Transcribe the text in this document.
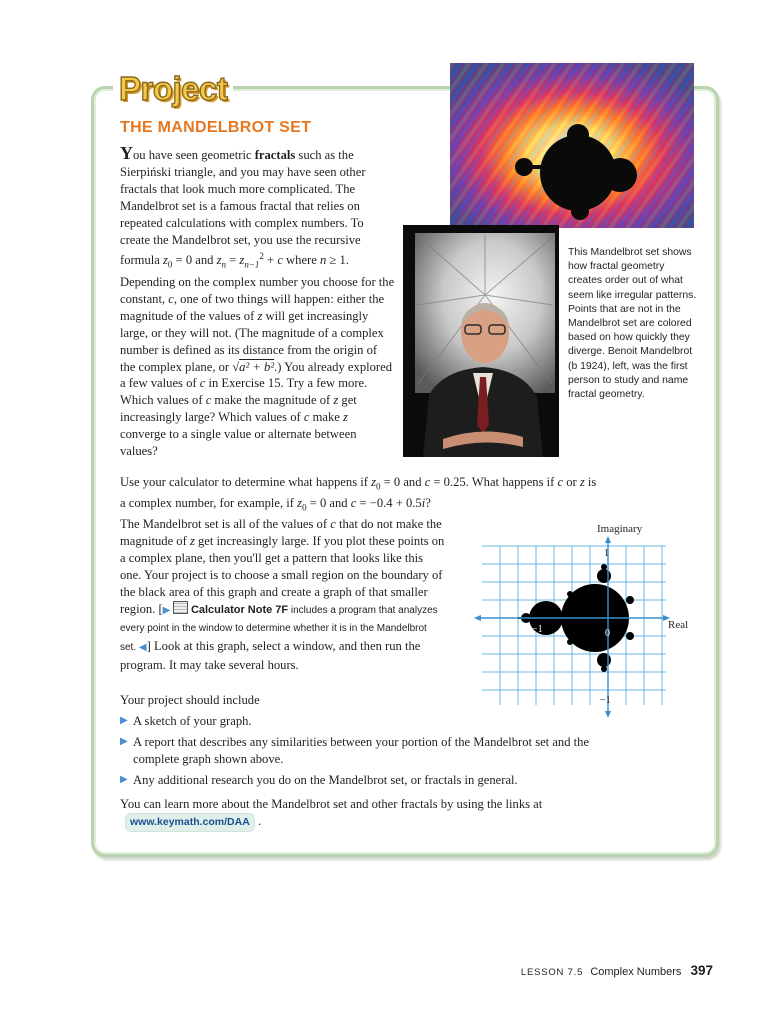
Project
THE MANDELBROT SET
This Mandelbrot set shows how fractal geometry creates order out of what seem like irregular patterns. Points that are not in the Mandelbrot set are colored based on how quickly they diverge. Benoit Mandelbrot (b 1924), left, was the first person to study and name fractal geometry.
You have seen geometric fractals such as the Sierpiński triangle, and you may have seen other fractals that look much more complicated. The Mandelbrot set is a famous fractal that relies on repeated calculations with complex numbers. To create the Mandelbrot set, you use the recursive formula $z_0 = 0$ and $z_n = z_{n-1}^2 + c$ where n ≥ 1. Depending on the complex number you choose for the constant, c, one of two things will happen: either the magnitude of the values of z will get increasingly large, or they will not. (The magnitude of a complex number is defined as its distance from the origin of the complex plane, or √a² + b².) You already explored a few values of c in Exercise 15. Try a few more. Which values of c make the magnitude of z get increasingly large? Which values of c make z converge to a single value or alternate between values?

Use your calculator to determine what happens if $z_0 = 0$ and c = 0.25. What happens if c or z is a complex number, for example, if $z_0 = 0$ and c = −0.4 + 0.5i?

The Mandelbrot set is all of the values of c that do not make the magnitude of z get increasingly large. If you plot these points on a complex plane, then you'll get a pattern that looks like this one. Your project is to choose a small region on the boundary of the black area of this graph and create a graph of that smaller region. [▶ Calculator Note 7F includes a program that analyzes every point in the window to determine whether it is in the Mandelbrot set. ◀] Look at this graph, select a window, and then run the program. It may take several hours.

Imaginary
Real
1
−1
0
−1

Your project should include

▶ A sketch of your graph.
▶ A report that describes any similarities between your portion of the Mandelbrot set and the complete graph shown above.
▶ Any additional research you do on the Mandelbrot set, or fractals in general.

You can learn more about the Mandelbrot set and other fractals by using the links at
www.keymath.com/DAA .

LESSON 7.5 Complex Numbers 397
